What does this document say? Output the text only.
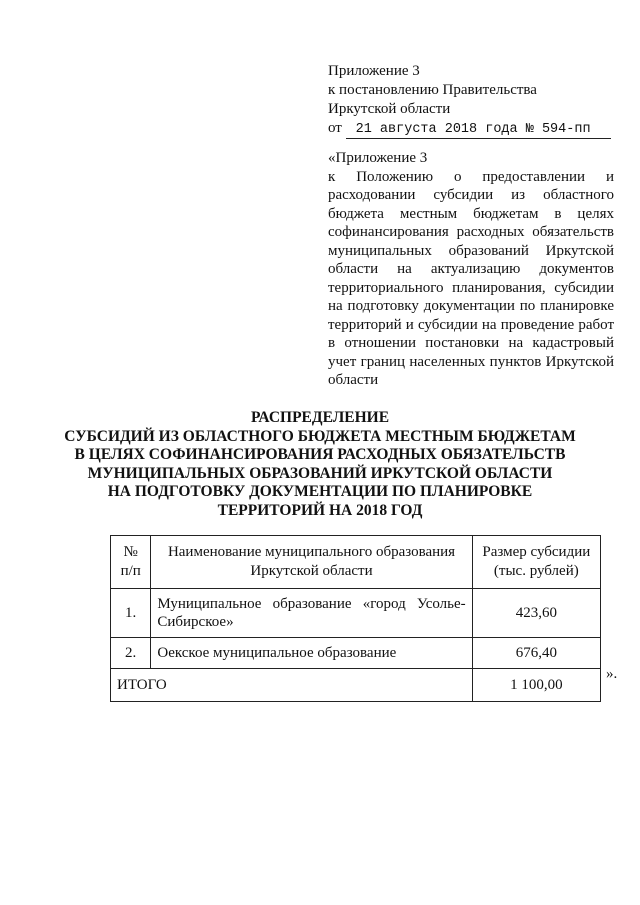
Приложение 3
к постановлению Правительства
Иркутской области
от 21 августа 2018 года № 594-пп

«Приложение 3

к Положению о предоставлении и расходовании субсидии из областного бюджета местным бюджетам в целях софинансирования расходных обязательств муниципальных образований Иркутской области на актуализацию документов территориального планирования, субсидии на подготовку документации по планировке территорий и субсидии на проведение работ в отношении постановки на кадастровый учет границ населенных пунктов Иркутской области

РАСПРЕДЕЛЕНИЕ
СУБСИДИЙ ИЗ ОБЛАСТНОГО БЮДЖЕТА МЕСТНЫМ БЮДЖЕТАМ
В ЦЕЛЯХ СОФИНАНСИРОВАНИЯ РАСХОДНЫХ ОБЯЗАТЕЛЬСТВ
МУНИЦИПАЛЬНЫХ ОБРАЗОВАНИЙ ИРКУТСКОЙ ОБЛАСТИ
НА ПОДГОТОВКУ ДОКУМЕНТАЦИИ ПО ПЛАНИРОВКЕ
ТЕРРИТОРИЙ НА 2018 ГОД
№ п/п	Наименование муниципального образования Иркутской области	Размер субсидии (тыс. рублей)
1.	Муниципальное образование «город Усолье-Сибирское»	423,60
2.	Оекское муниципальное образование	676,40
ИТОГО		1 100,00
».
